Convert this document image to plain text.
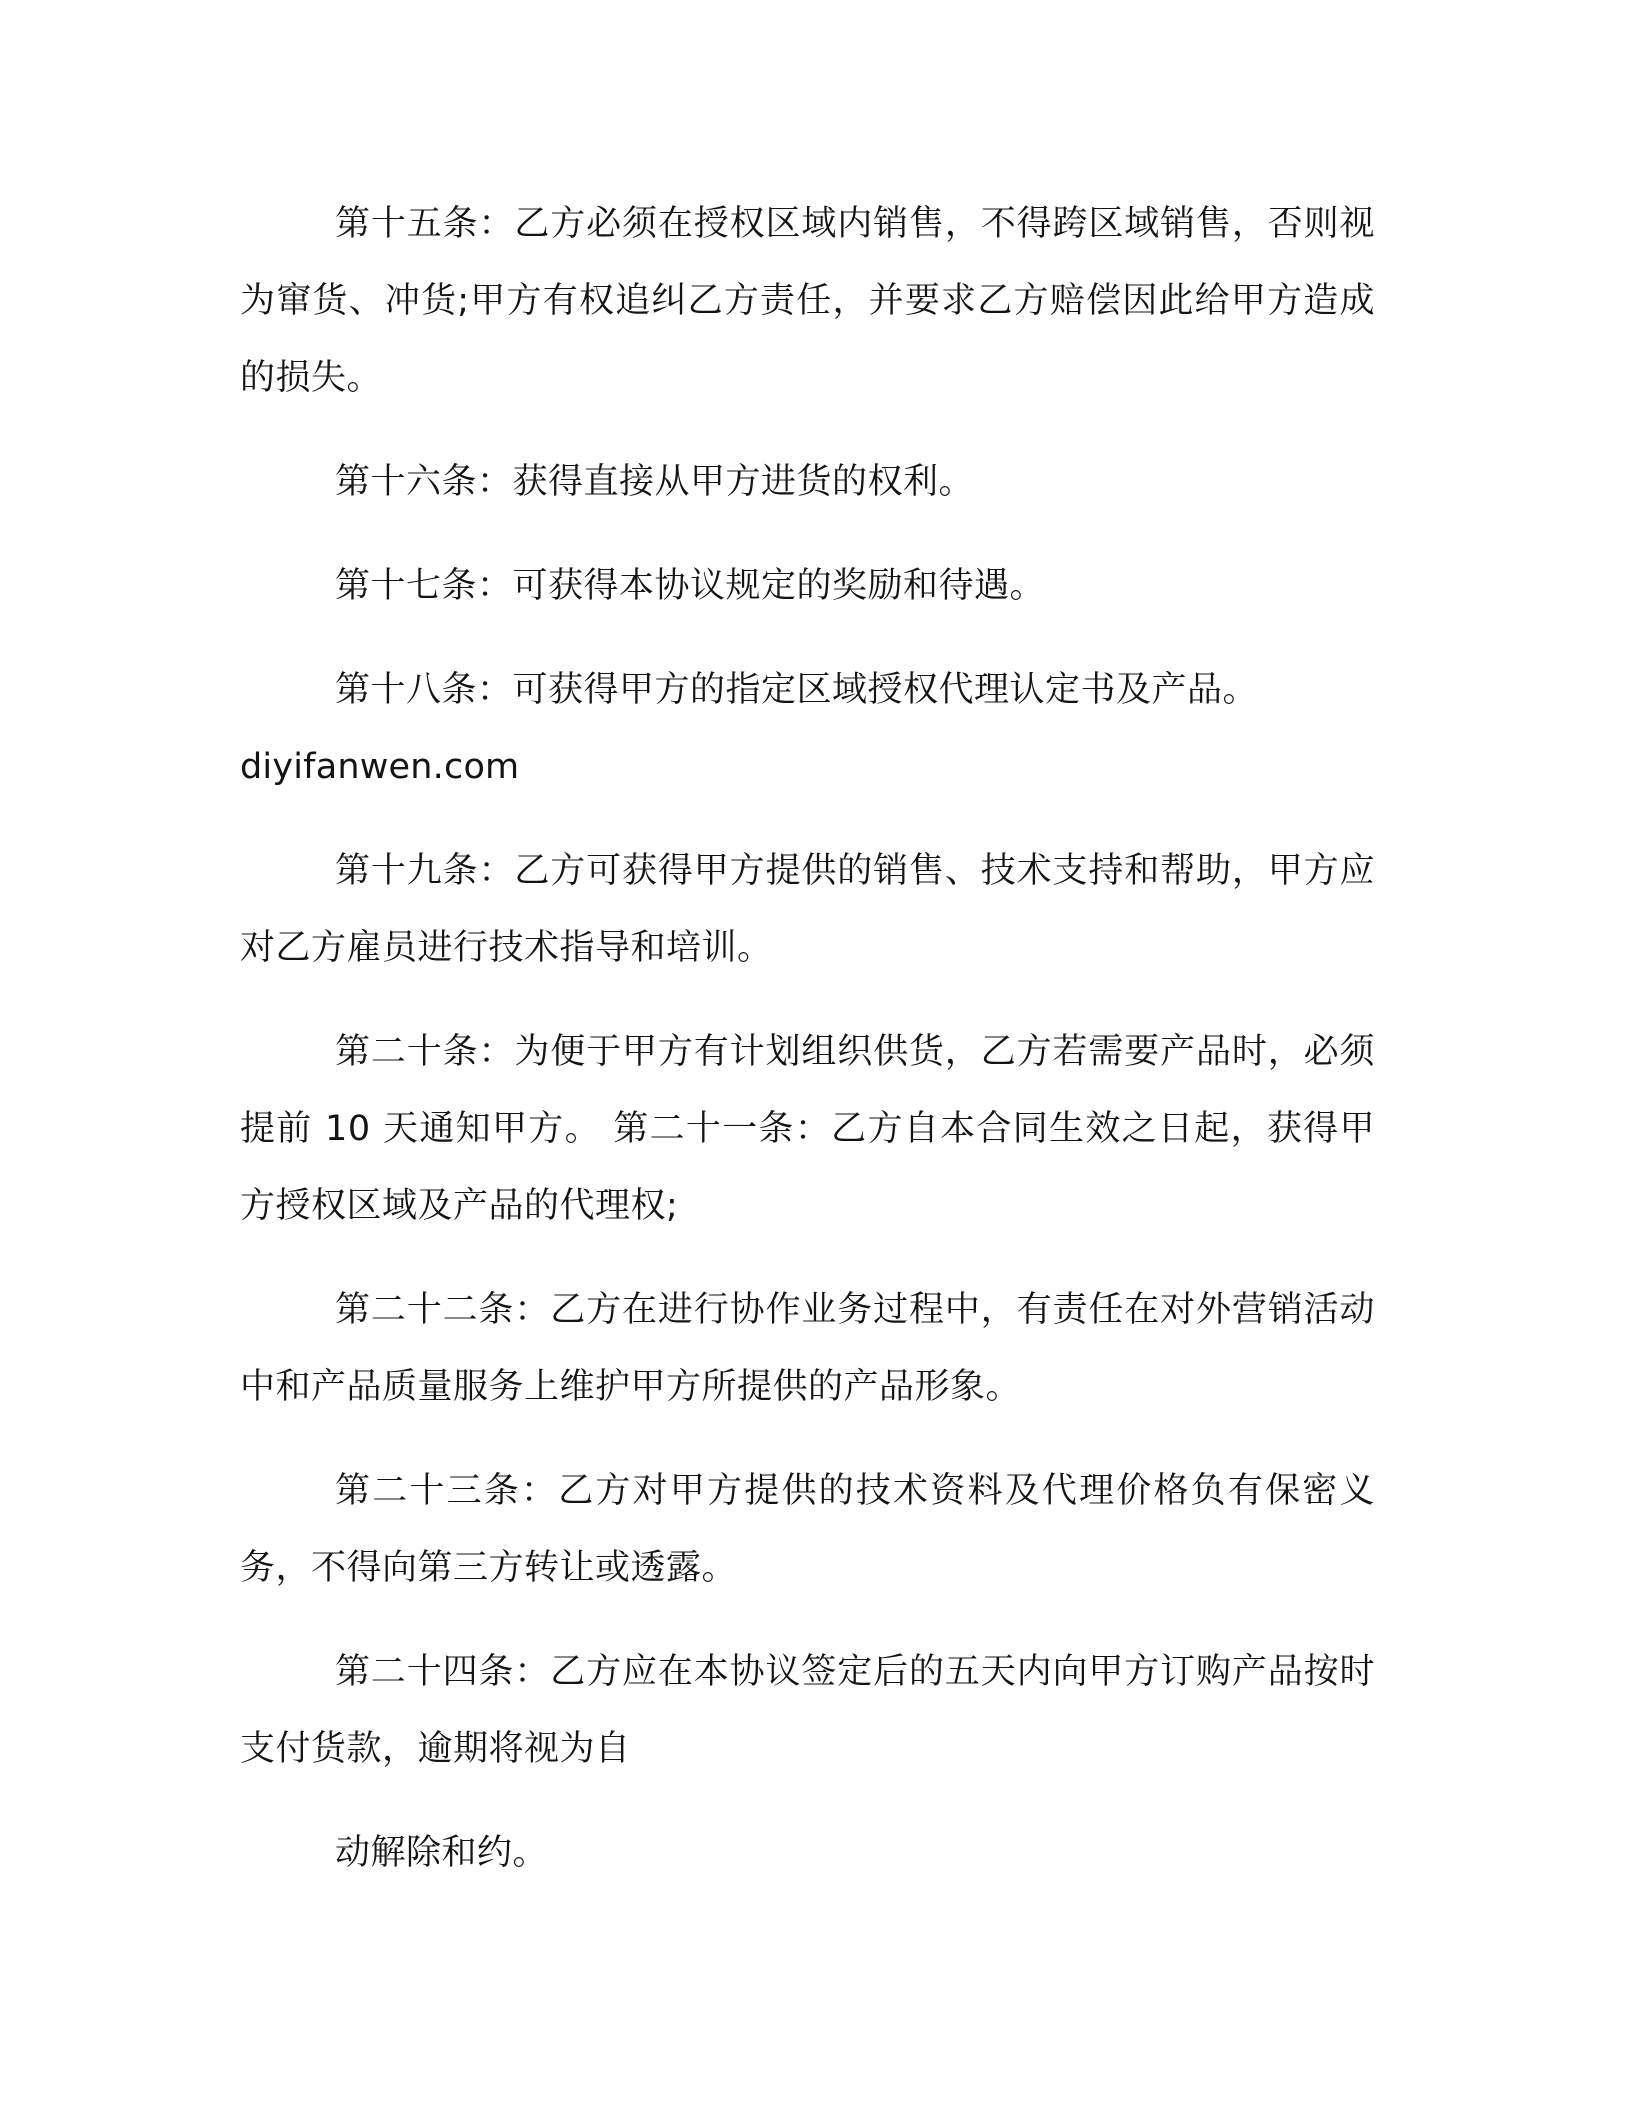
第十五条：乙方必须在授权区域内销售，不得跨区域销售，否则视为窜货、冲货;甲方有权追纠乙方责任，并要求乙方赔偿因此给甲方造成的损失。

第十六条：获得直接从甲方进货的权利。

第十七条：可获得本协议规定的奖励和待遇。

第十八条：可获得甲方的指定区域授权代理认定书及产品。

diyifanwen.com

第十九条：乙方可获得甲方提供的销售、技术支持和帮助，甲方应对乙方雇员进行技术指导和培训。

第二十条：为便于甲方有计划组织供货，乙方若需要产品时，必须提前 10 天通知甲方。 第二十一条：乙方自本合同生效之日起，获得甲方授权区域及产品的代理权;

第二十二条：乙方在进行协作业务过程中，有责任在对外营销活动中和产品质量服务上维护甲方所提供的产品形象。

第二十三条：乙方对甲方提供的技术资料及代理价格负有保密义务，不得向第三方转让或透露。

第二十四条：乙方应在本协议签定后的五天内向甲方订购产品按时支付货款，逾期将视为自

动解除和约。
